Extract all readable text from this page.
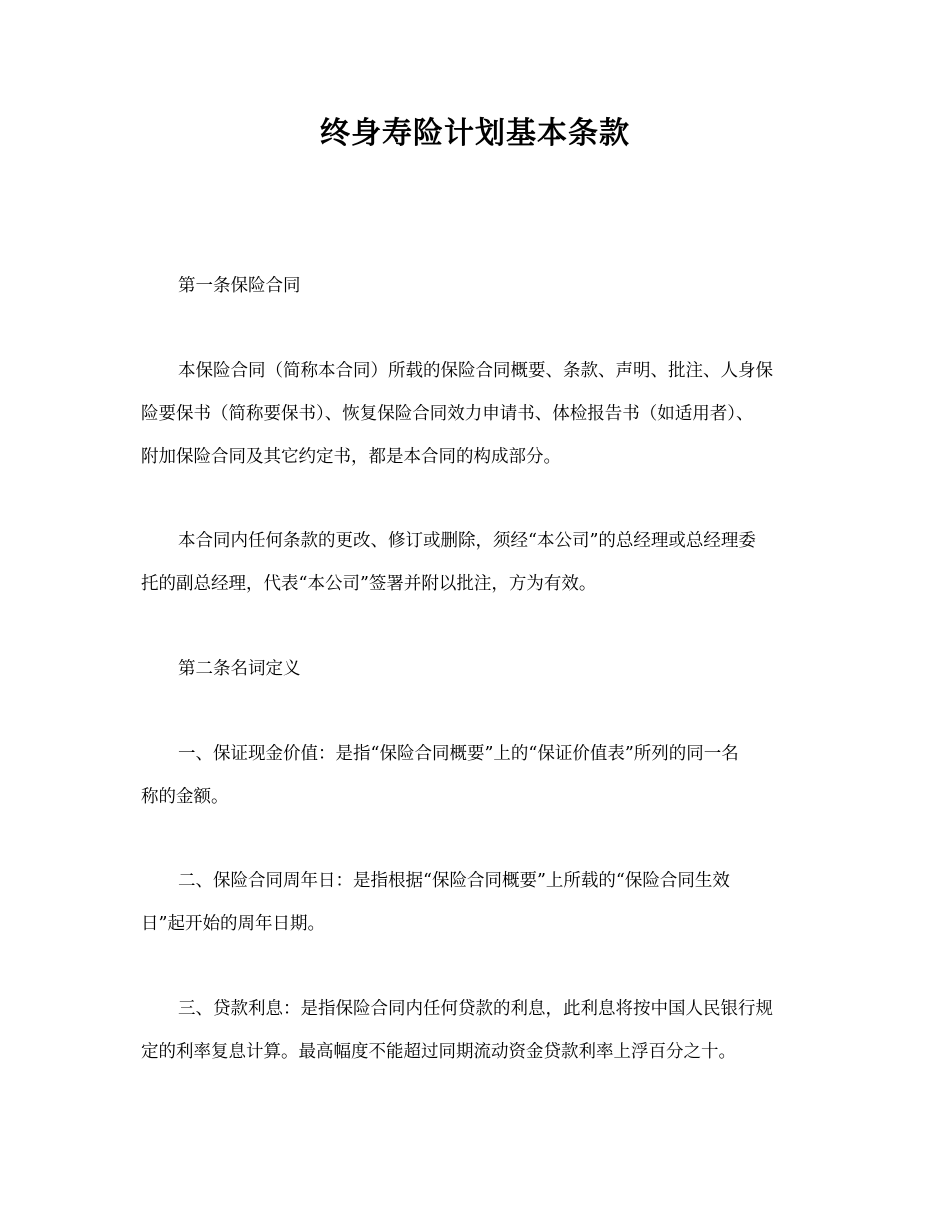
终身寿险计划基本条款
第一条保险合同
本保险合同（简称本合同）所载的保险合同概要、条款、声明、批注、人身保
险要保书（简称要保书）、恢复保险合同效力申请书、体检报告书（如适用者）、
附加保险合同及其它约定书，都是本合同的构成部分。
本合同内任何条款的更改、修订或删除，须经“本公司”的总经理或总经理委
托的副总经理，代表“本公司”签署并附以批注，方为有效。
第二条名词定义
一、保证现金价值：是指“保险合同概要”上的“保证价值表”所列的同一名
称的金额。
二、保险合同周年日：是指根据“保险合同概要”上所载的“保险合同生效
日”起开始的周年日期。
三、贷款利息：是指保险合同内任何贷款的利息，此利息将按中国人民银行规
定的利率复息计算。最高幅度不能超过同期流动资金贷款利率上浮百分之十。
